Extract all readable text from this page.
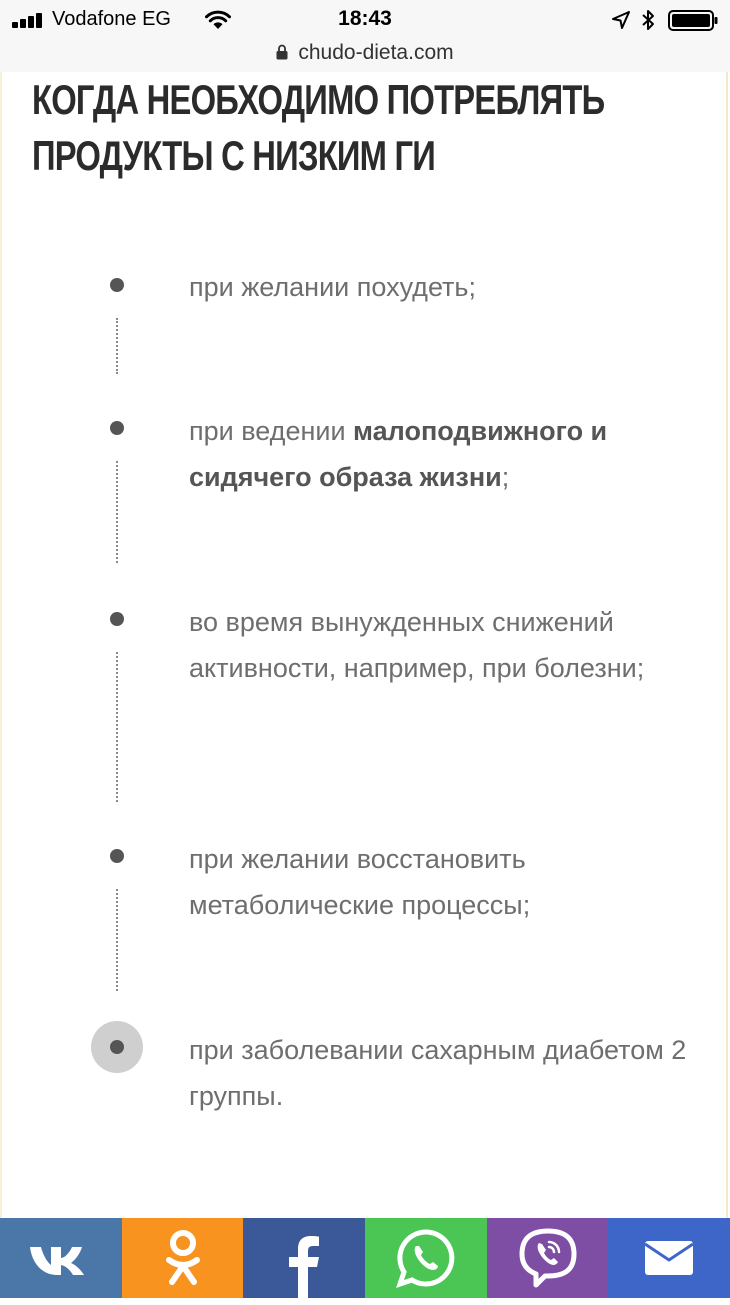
Vodafone EG	18:43
chudo-dieta.com
КОГДА НЕОБХОДИМО ПОТРЕБЛЯТЬ
ПРОДУКТЫ С НИЗКИМ ГИ
при желании похудеть;
при ведении малоподвижного и сидячего образа жизни;
во время вынужденных снижений активности, например, при болезни;
при желании восстановить метаболические процессы;
при заболевании сахарным диабетом 2 группы.
